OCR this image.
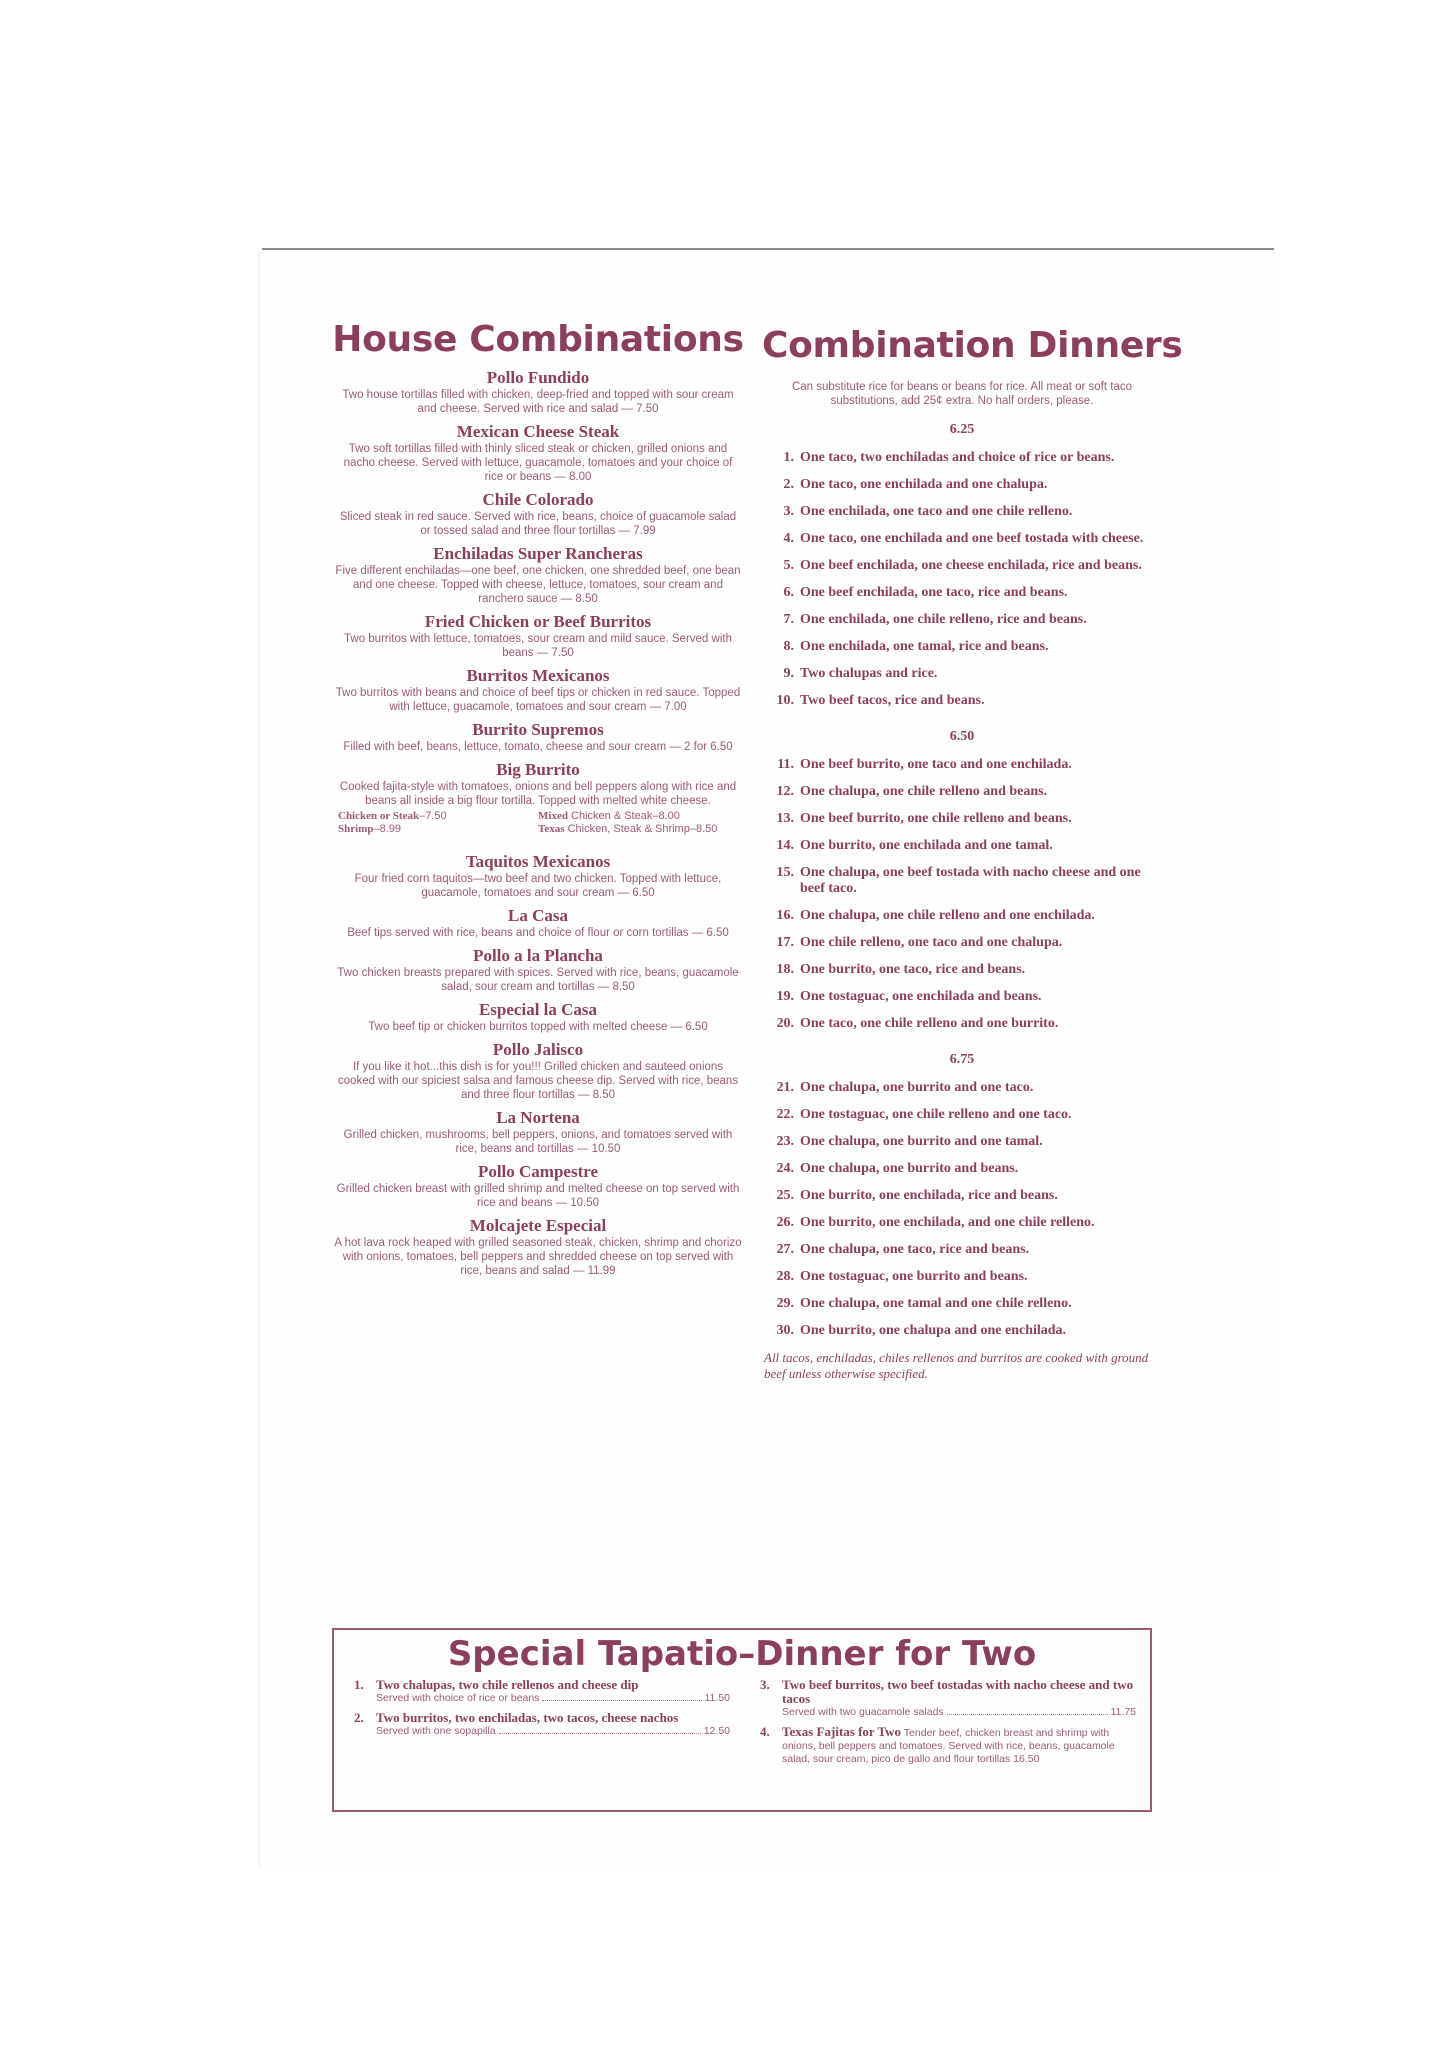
House Combinations
Pollo Fundido
Two house tortillas filled with chicken, deep-fried and topped with sour cream and cheese. Served with rice and salad — 7.50
Mexican Cheese Steak
Two soft tortillas filled with thinly sliced steak or chicken, grilled onions and nacho cheese. Served with lettuce, guacamole, tomatoes and your choice of rice or beans — 8.00
Chile Colorado
Sliced steak in red sauce. Served with rice, beans, choice of guacamole salad or tossed salad and three flour tortillas — 7.99
Enchiladas Super Rancheras
Five different enchiladas—one beef, one chicken, one shredded beef, one bean and one cheese. Topped with cheese, lettuce, tomatoes, sour cream and ranchero sauce — 8.50
Fried Chicken or Beef Burritos
Two burritos with lettuce, tomatoes, sour cream and mild sauce. Served with beans — 7.50
Burritos Mexicanos
Two burritos with beans and choice of beef tips or chicken in red sauce. Topped with lettuce, guacamole, tomatoes and sour cream — 7.00
Burrito Supremos
Filled with beef, beans, lettuce, tomato, cheese and sour cream — 2 for 6.50
Big Burrito
Cooked fajita-style with tomatoes, onions and bell peppers along with rice and beans all inside a big flour tortilla. Topped with melted white cheese.
Chicken or Steak–7.50	Mixed Chicken & Steak–8.00
Shrimp–8.99	Texas Chicken, Steak & Shrimp–8.50
Taquitos Mexicanos
Four fried corn taquitos—two beef and two chicken. Topped with lettuce, guacamole, tomatoes and sour cream — 6.50
La Casa
Beef tips served with rice, beans and choice of flour or corn tortillas — 6.50
Pollo a la Plancha
Two chicken breasts prepared with spices. Served with rice, beans, guacamole salad, sour cream and tortillas — 8.50
Especial la Casa
Two beef tip or chicken burritos topped with melted cheese — 6.50
Pollo Jalisco
If you like it hot...this dish is for you!!! Grilled chicken and sauteed onions cooked with our spiciest salsa and famous cheese dip. Served with rice, beans and three flour tortillas — 8.50
La Nortena
Grilled chicken, mushrooms, bell peppers, onions, and tomatoes served with rice, beans and tortillas — 10.50
Pollo Campestre
Grilled chicken breast with grilled shrimp and melted cheese on top served with rice and beans — 10.50
Molcajete Especial
A hot lava rock heaped with grilled seasoned steak, chicken, shrimp and chorizo with onions, tomatoes, bell peppers and shredded cheese on top served with rice, beans and salad — 11.99
Combination Dinners
Can substitute rice for beans or beans for rice. All meat or soft taco substitutions, add 25¢ extra. No half orders, please.
6.25
1. One taco, two enchiladas and choice of rice or beans.
2. One taco, one enchilada and one chalupa.
3. One enchilada, one taco and one chile relleno.
4. One taco, one enchilada and one beef tostada with cheese.
5. One beef enchilada, one cheese enchilada, rice and beans.
6. One beef enchilada, one taco, rice and beans.
7. One enchilada, one chile relleno, rice and beans.
8. One enchilada, one tamal, rice and beans.
9. Two chalupas and rice.
10. Two beef tacos, rice and beans.
6.50
11. One beef burrito, one taco and one enchilada.
12. One chalupa, one chile relleno and beans.
13. One beef burrito, one chile relleno and beans.
14. One burrito, one enchilada and one tamal.
15. One chalupa, one beef tostada with nacho cheese and one beef taco.
16. One chalupa, one chile relleno and one enchilada.
17. One chile relleno, one taco and one chalupa.
18. One burrito, one taco, rice and beans.
19. One tostaguac, one enchilada and beans.
20. One taco, one chile relleno and one burrito.
6.75
21. One chalupa, one burrito and one taco.
22. One tostaguac, one chile relleno and one taco.
23. One chalupa, one burrito and one tamal.
24. One chalupa, one burrito and beans.
25. One burrito, one enchilada, rice and beans.
26. One burrito, one enchilada, and one chile relleno.
27. One chalupa, one taco, rice and beans.
28. One tostaguac, one burrito and beans.
29. One chalupa, one tamal and one chile relleno.
30. One burrito, one chalupa and one enchilada.
All tacos, enchiladas, chiles rellenos and burritos are cooked with ground beef unless otherwise specified.
Special Tapatio–Dinner for Two
1. Two chalupas, two chile rellenos and cheese dip
Served with choice of rice or beans	11.50
2. Two burritos, two enchiladas, two tacos, cheese nachos
Served with one sopapilla	12.50
3. Two beef burritos, two beef tostadas with nacho cheese and two tacos
Served with two guacamole salads	11.75
4. Texas Fajitas for Two Tender beef, chicken breast and shrimp with onions, bell peppers and tomatoes. Served with rice, beans, guacamole salad, sour cream, pico de gallo and flour tortillas 16.50
